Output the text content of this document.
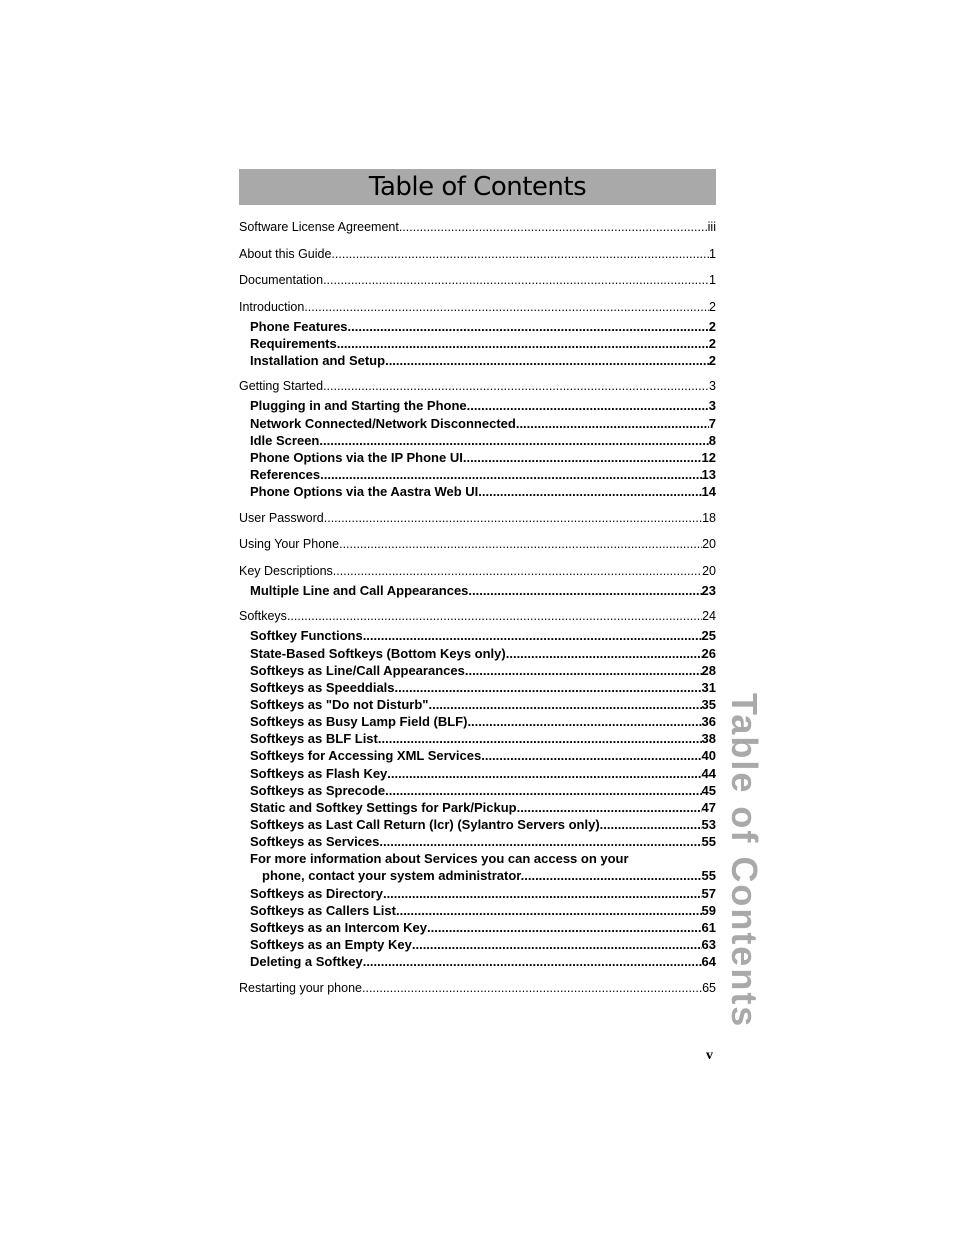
Table of Contents
Software License Agreement .....	iii
About this Guide .....	1
Documentation .....	1
Introduction .....	2
Phone Features .....	2
Requirements .....	2
Installation and Setup .....	2
Getting Started .....	3
Plugging in and Starting the Phone .....	3
Network Connected/Network Disconnected .....	7
Idle Screen .....	8
Phone Options via the IP Phone UI .....	12
References .....	13
Phone Options via the Aastra Web UI .....	14
User Password .....	18
Using Your Phone .....	20
Key Descriptions .....	20
Multiple Line and Call Appearances .....	23
Softkeys .....	24
Softkey Functions .....	25
State-Based Softkeys (Bottom Keys only) .....	26
Softkeys as Line/Call Appearances .....	28
Softkeys as Speeddials .....	31
Softkeys as "Do not Disturb" .....	35
Softkeys as Busy Lamp Field (BLF) .....	36
Softkeys as BLF List .....	38
Softkeys for Accessing XML Services .....	40
Softkeys as Flash Key .....	44
Softkeys as Sprecode .....	45
Static and Softkey Settings for Park/Pickup .....	47
Softkeys as Last Call Return (lcr) (Sylantro Servers only) .....	53
Softkeys as Services .....	55
For more information about Services you can access on your
phone, contact your system administrator. .....	55
Softkeys as Directory .....	57
Softkeys as Callers List .....	59
Softkeys as an Intercom Key .....	61
Softkeys as an Empty Key .....	63
Deleting a Softkey .....	64
Restarting your phone .....	65 Table of Contents
v
